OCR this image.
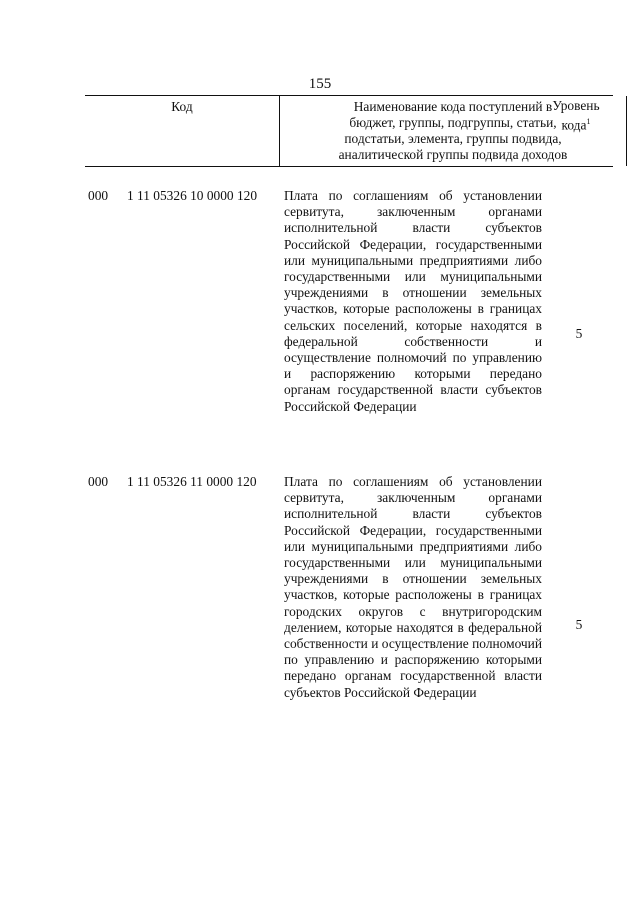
155
Код	Наименование кода поступлений в
бюджет, группы, подгруппы, статьи,
подстатьи, элемента, группы подвида,
аналитической группы подвида доходов
Уровень
кода$^1$
000 1 11 05326 10 0000 120 Плата по соглашениям об установлении сервитута, заключенным органами исполнительной власти субъектов Российской Федерации, государственными или муниципальными предприятиями либо государственными или муниципальными учреждениями в отношении земельных участков, которые расположены в границах сельских поселений, которые находятся в федеральной собственности и осуществление полномочий по управлению и распоряжению которыми передано органам государственной власти субъектов Российской Федерации
5
000 1 11 05326 11 0000 120 Плата по соглашениям об установлении сервитута, заключенным органами исполнительной власти субъектов Российской Федерации, государственными или муниципальными предприятиями либо государственными или муниципальными учреждениями в отношении земельных участков, которые расположены в границах городских округов с внутригородским делением, которые находятся в федеральной собственности и осуществление полномочий по управлению и распоряжению которыми передано органам государственной власти субъектов Российской Федерации
5
